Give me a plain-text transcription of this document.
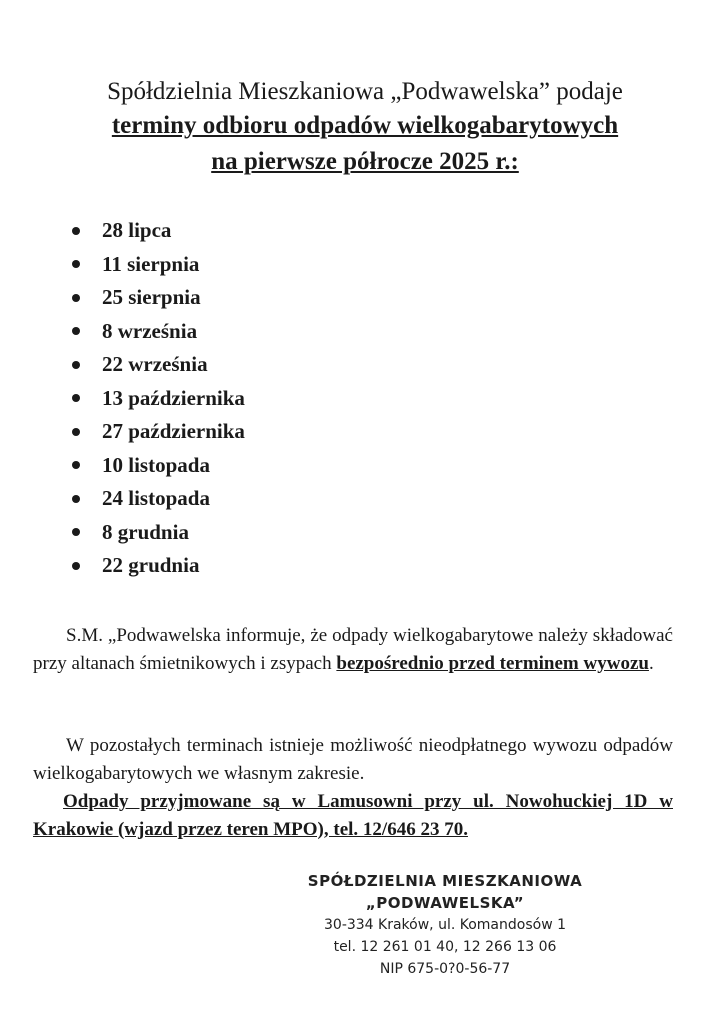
Spółdzielnia Mieszkaniowa „Podwawelska” podaje
terminy odbioru odpadów wielkogabarytowych
na pierwsze półrocze 2025 r.:
28 lipca
11 sierpnia
25 sierpnia
8 września
22 września
13 października
27 października
10 listopada
24 listopada
8 grudnia
22 grudnia
S.M. „Podwawelska informuje, że odpady wielkogabarytowe należy składować przy altanach śmietnikowych i zsypach bezpośrednio przed terminem wywozu.
W pozostałych terminach istnieje możliwość nieodpłatnego wywozu odpadów wielkogabarytowych we własnym zakresie.
Odpady przyjmowane są w Lamusowni przy ul. Nowohuckiej 1D w Krakowie (wjazd przez teren MPO), tel. 12/646 23 70.
SPÓŁDZIELNIA MIESZKANIOWA
„PODWAWELSKA”
30-334 Kraków, ul. Komandosów 1
tel. 12 261 01 40, 12 266 13 06
NIP 675-0?0-56-77
